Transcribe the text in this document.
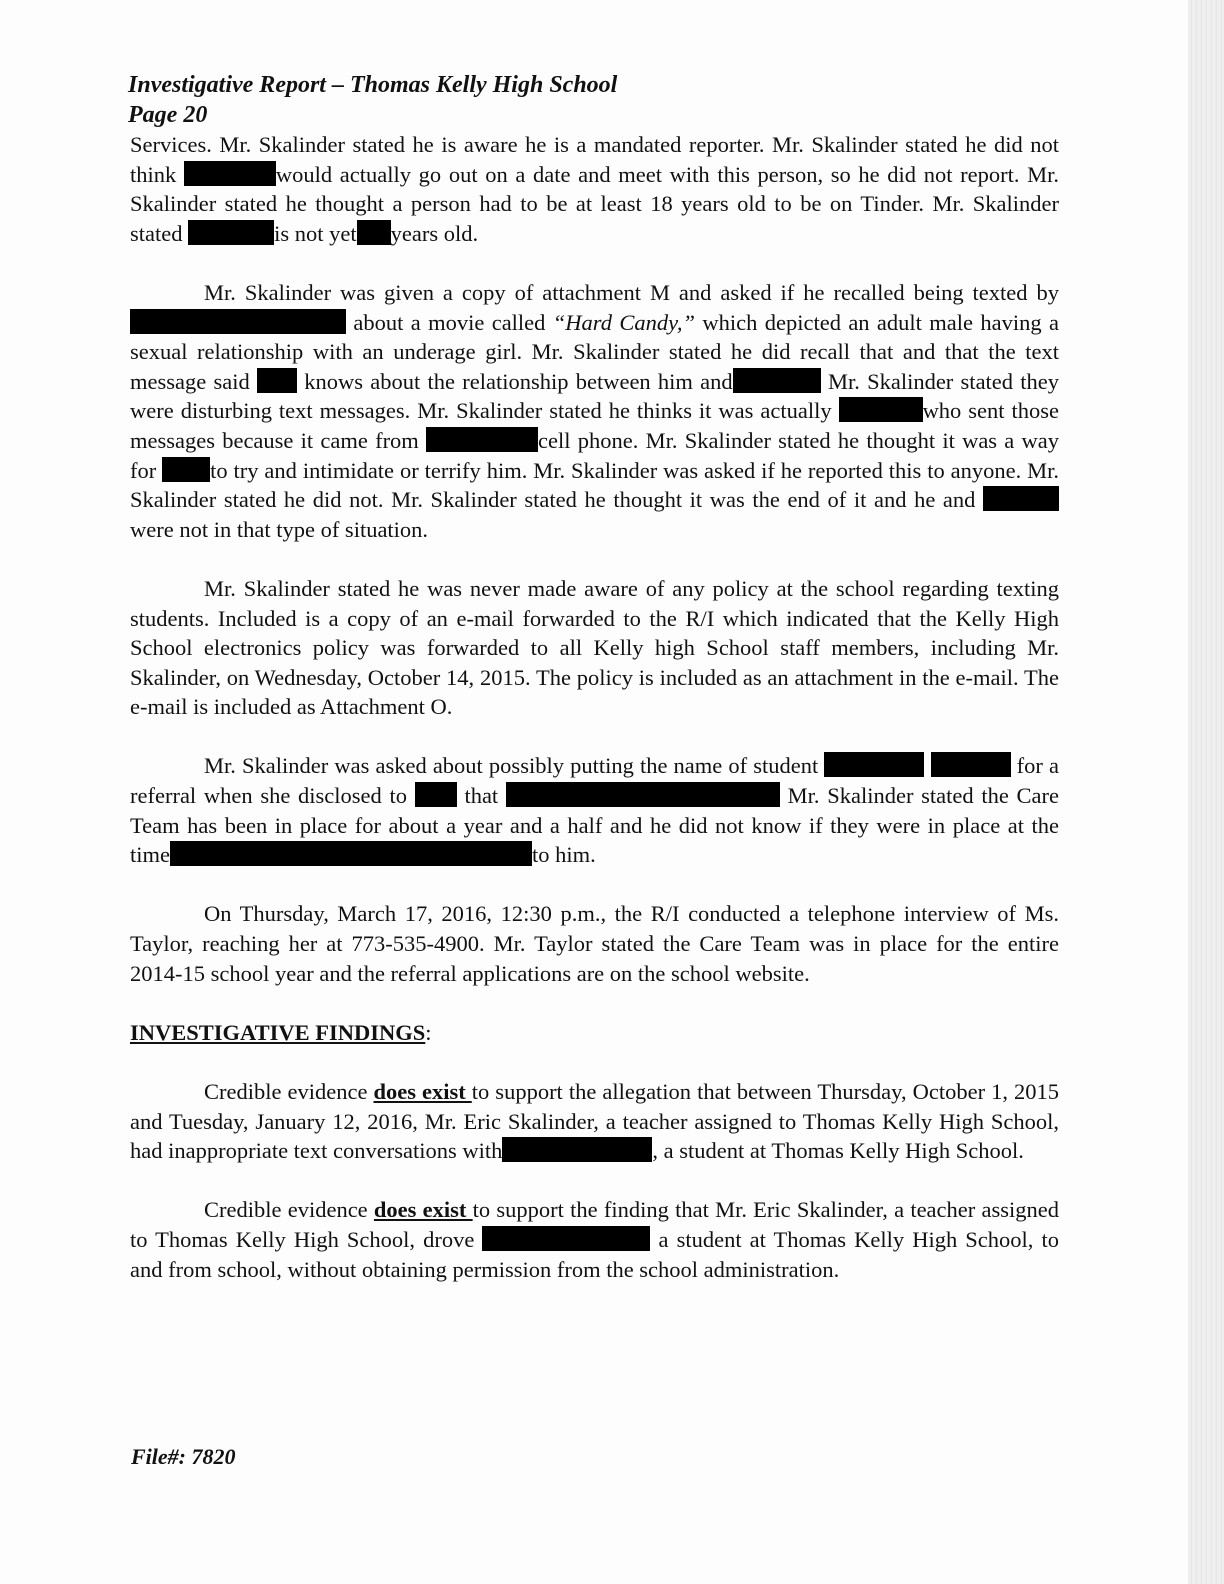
Investigative Report – Thomas Kelly High School
Page 20

Services. Mr. Skalinder stated he is aware he is a mandated reporter. Mr. Skalinder stated he did not think	would actually go out on a date and meet with this person, so he did not report. Mr. Skalinder stated he thought a person had to be at least 18 years old to be on Tinder. Mr. Skalinder stated	is not yet years old.

Mr. Skalinder was given a copy of attachment M and asked if he recalled being texted by  about a movie called “Hard Candy,” which depicted an adult male having a sexual relationship with an underage girl. Mr. Skalinder stated he did recall that and that the text message said  knows about the relationship between him and	Mr. Skalinder stated they were disturbing text messages. Mr. Skalinder stated he thinks it was actually	who sent those messages because it came from	cell phone. Mr. Skalinder stated he thought it was a way for to try and intimidate or terrify him. Mr. Skalinder was asked if he reported this to anyone. Mr. Skalinder stated he did not. Mr. Skalinder stated he thought it was the end of it and he and were not in that type of situation.

Mr. Skalinder stated he was never made aware of any policy at the school regarding texting students. Included is a copy of an e-mail forwarded to the R/I which indicated that the Kelly High School electronics policy was forwarded to all Kelly high School staff members, including Mr. Skalinder, on Wednesday, October 14, 2015. The policy is included as an attachment in the e-mail. The e-mail is included as Attachment O.

Mr. Skalinder was asked about possibly putting the name of student	for a referral when she disclosed to  that	Mr. Skalinder stated the Care Team has been in place for about a year and a half and he did not know if they were in place at the time	to him.

On Thursday, March 17, 2016, 12:30 p.m., the R/I conducted a telephone interview of Ms. Taylor, reaching her at 773-535-4900. Mr. Taylor stated the Care Team was in place for the entire 2014-15 school year and the referral applications are on the school website.

INVESTIGATIVE FINDINGS:

Credible evidence does exist to support the allegation that between Thursday, October 1, 2015 and Tuesday, January 12, 2016, Mr. Eric Skalinder, a teacher assigned to Thomas Kelly High School, had inappropriate text conversations with	, a student at Thomas Kelly High School.

Credible evidence does exist to support the finding that Mr. Eric Skalinder, a teacher assigned to Thomas Kelly High School, drove	a student at Thomas Kelly High School, to and from school, without obtaining permission from the school administration.

File#: 7820
